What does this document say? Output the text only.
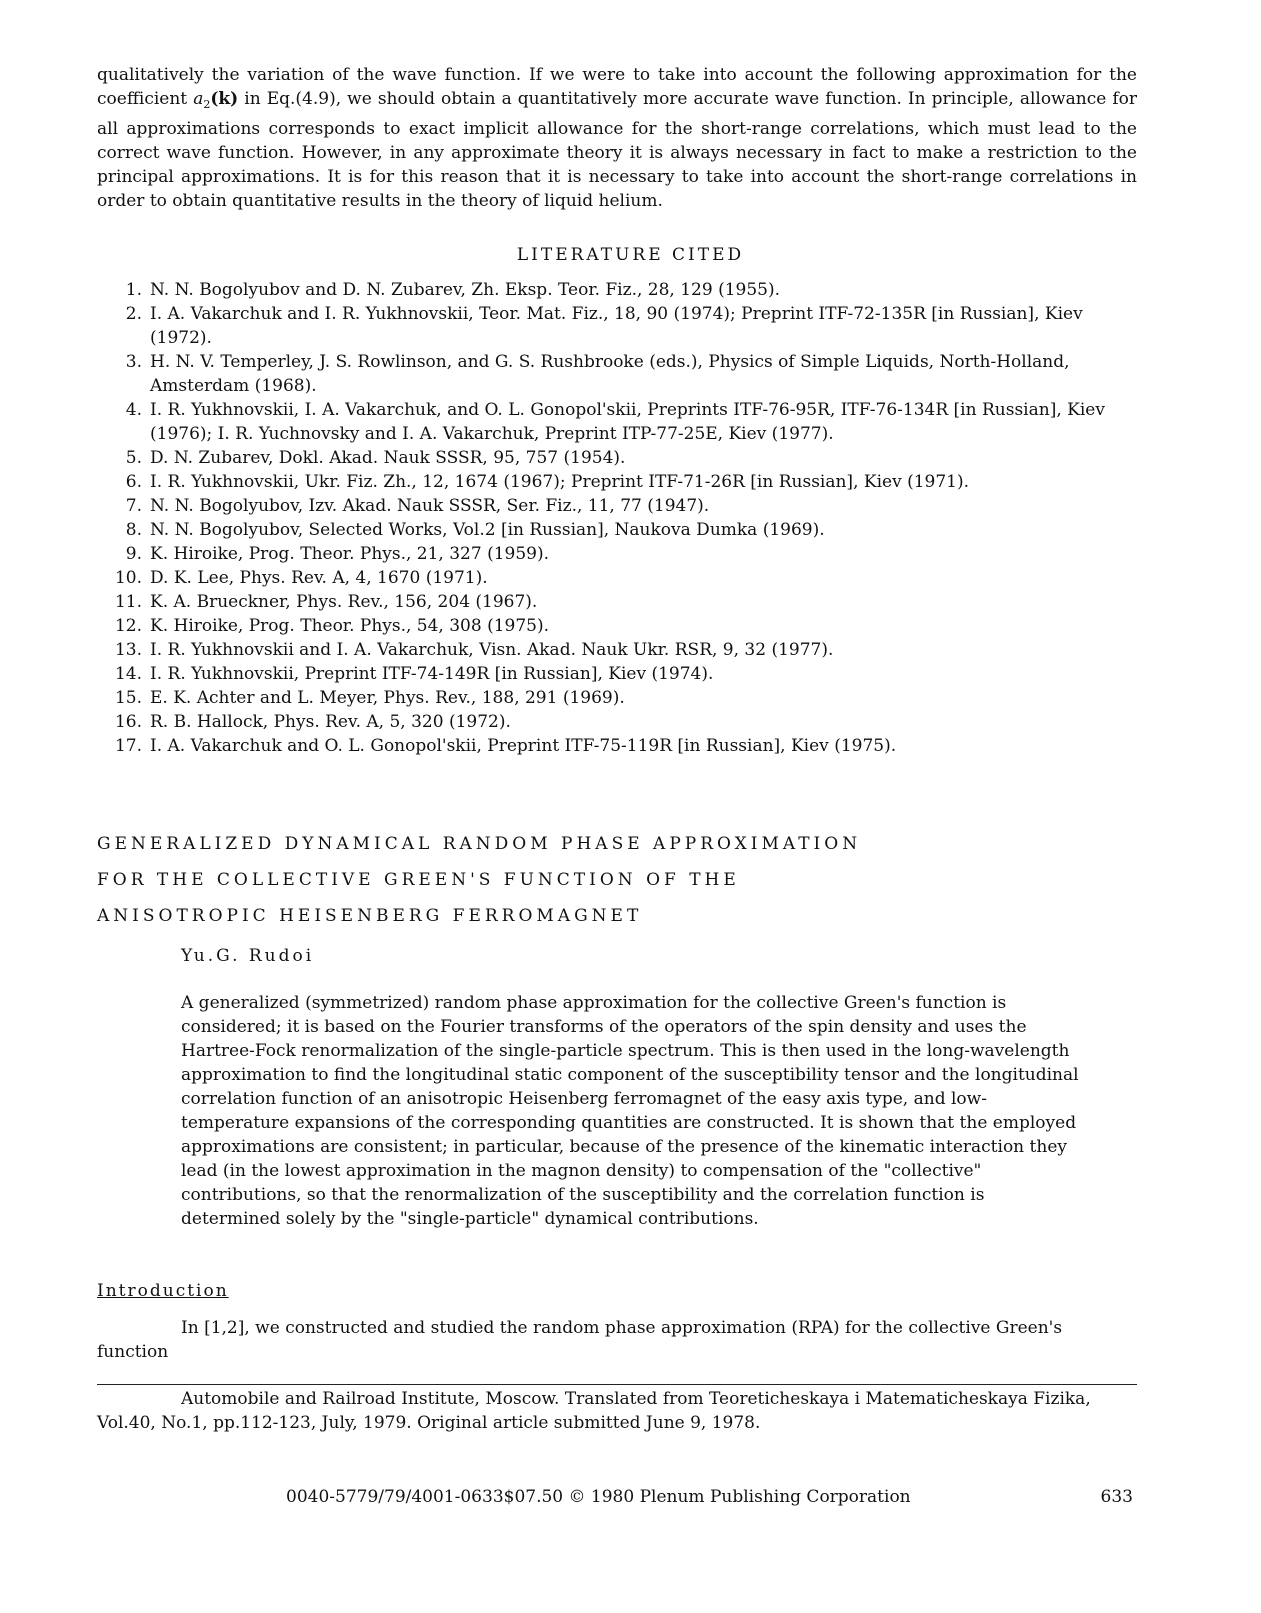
qualitatively the variation of the wave function. If we were to take into account the following approximation for the coefficient $a_2(k)$ in Eq.(4.9), we should obtain a quantitatively more accurate wave function. In principle, allowance for all approximations corresponds to exact implicit allowance for the short-range correlations, which must lead to the correct wave function. However, in any approximate theory it is always necessary in fact to make a restriction to the principal approximations. It is for this reason that it is necessary to take into account the short-range correlations in order to obtain quantitative results in the theory of liquid helium.
LITERATURE CITED
1. N. N. Bogolyubov and D. N. Zubarev, Zh. Eksp. Teor. Fiz., 28, 129 (1955).
2. I. A. Vakarchuk and I. R. Yukhnovskii, Teor. Mat. Fiz., 18, 90 (1974); Preprint ITF-72-135R [in Russian], Kiev (1972).
3. H. N. V. Temperley, J. S. Rowlinson, and G. S. Rushbrooke (eds.), Physics of Simple Liquids, North-Holland, Amsterdam (1968).
4. I. R. Yukhnovskii, I. A. Vakarchuk, and O. L. Gonopol'skii, Preprints ITF-76-95R, ITF-76-134R [in Russian], Kiev (1976); I. R. Yuchnovsky and I. A. Vakarchuk, Preprint ITP-77-25E, Kiev (1977).
5. D. N. Zubarev, Dokl. Akad. Nauk SSSR, 95, 757 (1954).
6. I. R. Yukhnovskii, Ukr. Fiz. Zh., 12, 1674 (1967); Preprint ITF-71-26R [in Russian], Kiev (1971).
7. N. N. Bogolyubov, Izv. Akad. Nauk SSSR, Ser. Fiz., 11, 77 (1947).
8. N. N. Bogolyubov, Selected Works, Vol.2 [in Russian], Naukova Dumka (1969).
9. K. Hiroike, Prog. Theor. Phys., 21, 327 (1959).
10. D. K. Lee, Phys. Rev. A, 4, 1670 (1971).
11. K. A. Brueckner, Phys. Rev., 156, 204 (1967).
12. K. Hiroike, Prog. Theor. Phys., 54, 308 (1975).
13. I. R. Yukhnovskii and I. A. Vakarchuk, Visn. Akad. Nauk Ukr. RSR, 9, 32 (1977).
14. I. R. Yukhnovskii, Preprint ITF-74-149R [in Russian], Kiev (1974).
15. E. K. Achter and L. Meyer, Phys. Rev., 188, 291 (1969).
16. R. B. Hallock, Phys. Rev. A, 5, 320 (1972).
17. I. A. Vakarchuk and O. L. Gonopol'skii, Preprint ITF-75-119R [in Russian], Kiev (1975).
GENERALIZED DYNAMICAL RANDOM PHASE APPROXIMATION
FOR THE COLLECTIVE GREEN'S FUNCTION OF THE
ANISOTROPIC HEISENBERG FERROMAGNET
Yu.G. Rudoi
A generalized (symmetrized) random phase approximation for the collective Green's function is considered; it is based on the Fourier transforms of the operators of the spin density and uses the Hartree-Fock renormalization of the single-particle spectrum. This is then used in the long-wavelength approximation to find the longitudinal static component of the susceptibility tensor and the longitudinal correlation function of an anisotropic Heisenberg ferromagnet of the easy axis type, and low-temperature expansions of the corresponding quantities are constructed. It is shown that the employed approximations are consistent; in particular, because of the presence of the kinematic interaction they lead (in the lowest approximation in the magnon density) to compensation of the "collective" contributions, so that the renormalization of the susceptibility and the correlation function is determined solely by the "single-particle" dynamical contributions.
Introduction
In [1,2], we constructed and studied the random phase approximation (RPA) for the collective Green's function
Automobile and Railroad Institute, Moscow. Translated from Teoreticheskaya i Matematicheskaya Fizika, Vol.40, No.1, pp.112-123, July, 1979. Original article submitted June 9, 1978.
0040-5779/79/4001-0633$07.50 © 1980 Plenum Publishing Corporation	633
